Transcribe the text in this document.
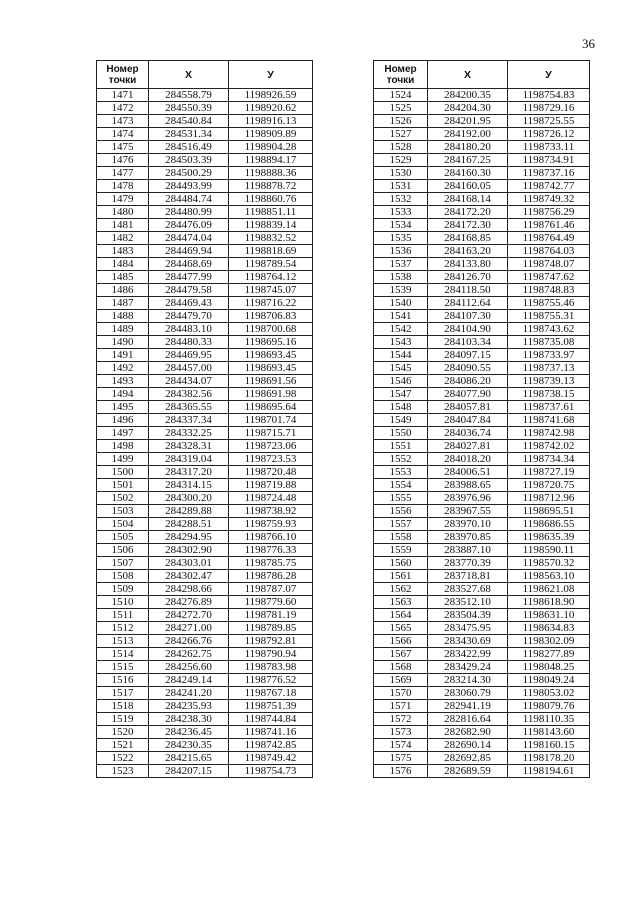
36
Номер точки	X	У
1471	284558.79	1198926.59
1472	284550.39	1198920.62
1473	284540.84	1198916.13
1474	284531.34	1198909.89
1475	284516.49	1198904.28
1476	284503.39	1198894.17
1477	284500.29	1198888.36
1478	284493.99	1198878.72
1479	284484.74	1198860.76
1480	284480.99	1198851.11
1481	284476.09	1198839.14
1482	284474.04	1198832.52
1483	284469.94	1198818.69
1484	284468.69	1198789.54
1485	284477.99	1198764.12
1486	284479.58	1198745.07
1487	284469.43	1198716.22
1488	284479.70	1198706.83
1489	284483.10	1198700.68
1490	284480.33	1198695.16
1491	284469.95	1198693.45
1492	284457.00	1198693.45
1493	284434.07	1198691.56
1494	284382.56	1198691.98
1495	284365.55	1198695.64
1496	284337.34	1198701.74
1497	284332.25	1198715.71
1498	284328.31	1198723.06
1499	284319.04	1198723.53
1500	284317.20	1198720.48
1501	284314.15	1198719.88
1502	284300.20	1198724.48
1503	284289.88	1198738.92
1504	284288.51	1198759.93
1505	284294.95	1198766.10
1506	284302.90	1198776.33
1507	284303.01	1198785.75
1508	284302.47	1198786.28
1509	284298.66	1198787.07
1510	284276.89	1198779.60
1511	284272.70	1198781.19
1512	284271.00	1198789.85
1513	284266.76	1198792.81
1514	284262.75	1198790.94
1515	284256.60	1198783.98
1516	284249.14	1198776.52
1517	284241.20	1198767.18
1518	284235.93	1198751.39
1519	284238.30	1198744.84
1520	284236.45	1198741.16
1521	284230.35	1198742.85
1522	284215.65	1198749.42
1523	284207.15	1198754.73
Номер точки	X	У
1524	284200.35	1198754.83
1525	284204.30	1198729.16
1526	284201.95	1198725.55
1527	284192.00	1198726.12
1528	284180.20	1198733.11
1529	284167.25	1198734.91
1530	284160.30	1198737.16
1531	284160.05	1198742.77
1532	284168.14	1198749.32
1533	284172.20	1198756.29
1534	284172.30	1198761.46
1535	284168.85	1198764.49
1536	284163.20	1198764.03
1537	284133.80	1198748.07
1538	284126.70	1198747.62
1539	284118.50	1198748.83
1540	284112.64	1198755.46
1541	284107.30	1198755.31
1542	284104.90	1198743.62
1543	284103.34	1198735.08
1544	284097.15	1198733.97
1545	284090.55	1198737.13
1546	284086.20	1198739.13
1547	284077.90	1198738.15
1548	284057.81	1198737.61
1549	284047.84	1198741.68
1550	284036.74	1198742.98
1551	284027.81	1198742.02
1552	284018.20	1198734.34
1553	284006.51	1198727.19
1554	283988.65	1198720.75
1555	283976.96	1198712.96
1556	283967.55	1198695.51
1557	283970.10	1198686.55
1558	283970.85	1198635.39
1559	283887.10	1198590.11
1560	283770.39	1198570.32
1561	283718.81	1198563.10
1562	283527.68	1198621.08
1563	283512.10	1198618.90
1564	283504.39	1198631.10
1565	283475.95	1198634.83
1566	283430.69	1198302.09
1567	283422.99	1198277.89
1568	283429.24	1198048.25
1569	283214.30	1198049.24
1570	283060.79	1198053.02
1571	282941.19	1198079.76
1572	282816.64	1198110.35
1573	282682.90	1198143.60
1574	282690.14	1198160.15
1575	282692.85	1198178.20
1576	282689.59	1198194.61
